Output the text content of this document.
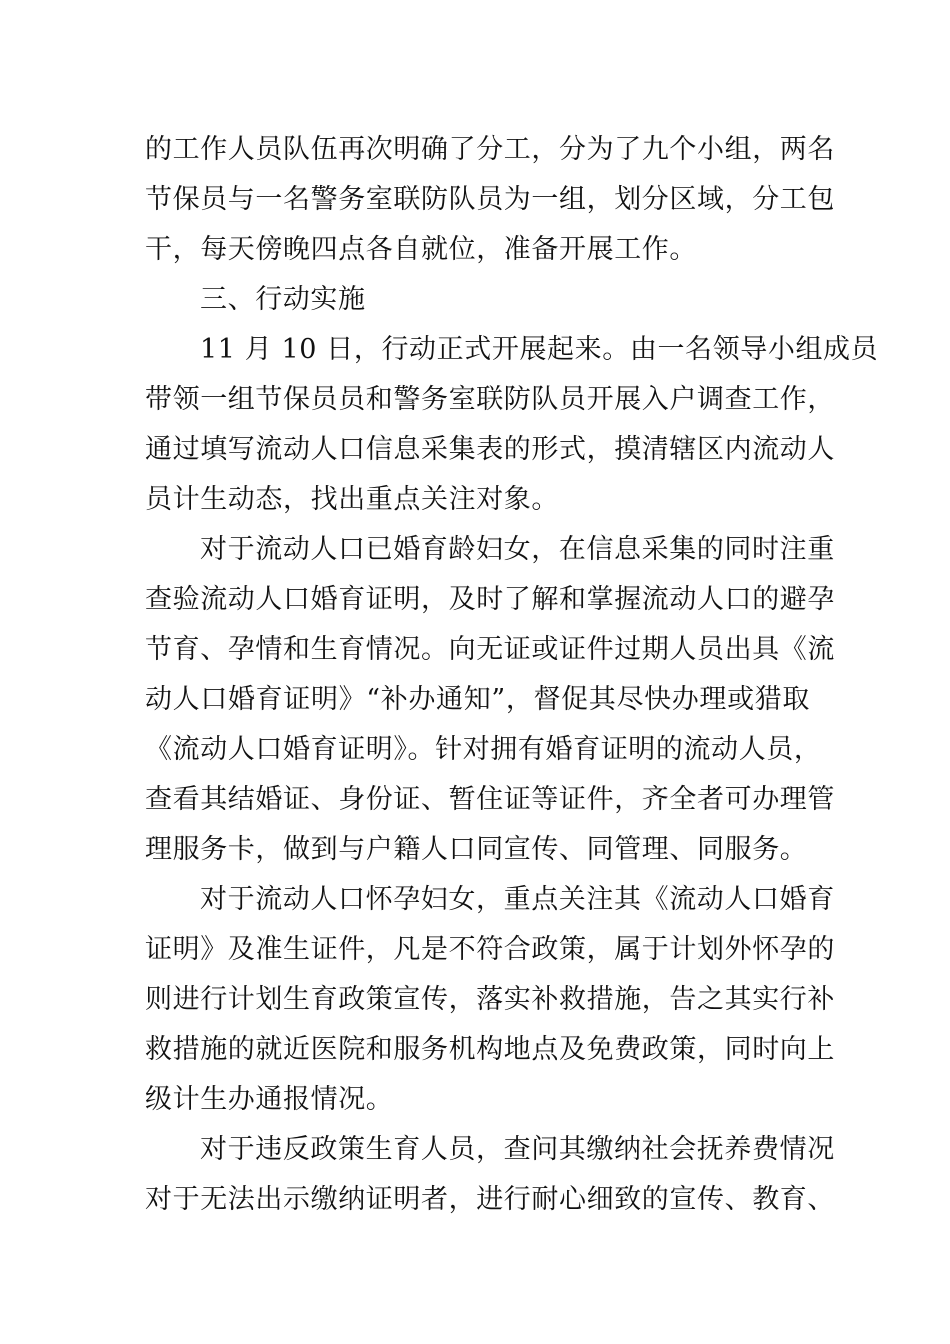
的工作人员队伍再次明确了分工，分为了九个小组，两名
节保员与一名警务室联防队员为一组，划分区域，分工包
干，每天傍晚四点各自就位，准备开展工作。
三、行动实施
11 月 10 日，行动正式开展起来。由一名领导小组成员
带领一组节保员员和警务室联防队员开展入户调查工作，
通过填写流动人口信息采集表的形式，摸清辖区内流动人
员计生动态，找出重点关注对象。
对于流动人口已婚育龄妇女，在信息采集的同时注重
查验流动人口婚育证明，及时了解和掌握流动人口的避孕
节育、孕情和生育情况。向无证或证件过期人员出具《流
动人口婚育证明》“补办通知”，督促其尽快办理或猎取
《流动人口婚育证明》。针对拥有婚育证明的流动人员，
查看其结婚证、身份证、暂住证等证件，齐全者可办理管
理服务卡，做到与户籍人口同宣传、同管理、同服务。
对于流动人口怀孕妇女，重点关注其《流动人口婚育
证明》及准生证件，凡是不符合政策，属于计划外怀孕的
则进行计划生育政策宣传，落实补救措施，告之其实行补
救措施的就近医院和服务机构地点及免费政策，同时向上
级计生办通报情况。
对于违反政策生育人员，查问其缴纳社会抚养费情况
对于无法出示缴纳证明者，进行耐心细致的宣传、教育、
